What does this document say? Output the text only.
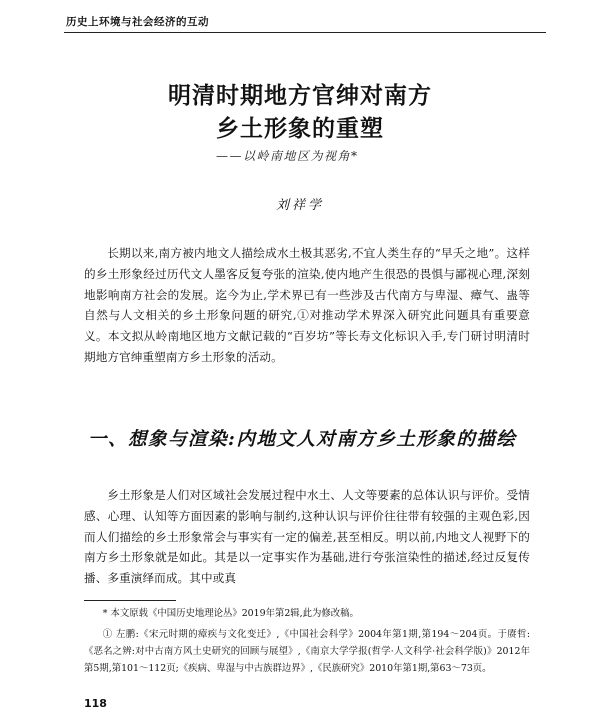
历史上环境与社会经济的互动
明清时期地方官绅对南方
乡土形象的重塑
——以岭南地区为视角*
刘祥学

长期以来,南方被内地文人描绘成水土极其恶劣,不宜人类生存的“早夭之地”。这样的乡土形象经过历代文人墨客反复夸张的渲染,使内地产生很恐的畏惧与鄙视心理,深刻地影响南方社会的发展。迄今为止,学术界已有一些涉及古代南方与卑湿、瘴气、蛊等自然与人文相关的乡土形象问题的研究,①对推动学术界深入研究此问题具有重要意义。本文拟从岭南地区地方文献记载的“百岁坊”等长寿文化标识入手,专门研讨明清时期地方官绅重塑南方乡土形象的活动。

一、想象与渲染:内地文人对南方乡土形象的描绘

乡土形象是人们对区域社会发展过程中水土、人文等要素的总体认识与评价。受情感、心理、认知等方面因素的影响与制约,这种认识与评价往往带有较强的主观色彩,因而人们描绘的乡土形象常会与事实有一定的偏差,甚至相反。明以前,内地文人视野下的南方乡土形象就是如此。其是以一定事实作为基础,进行夸张渲染性的描述,经过反复传播、多重演绎而成。其中或真

* 本文原载《中国历史地理论丛》2019年第2辑,此为修改稿。

① 左鹏:《宋元时期的瘴疾与文化变迁》,《中国社会科学》2004年第1期,第194～204页。于赓哲:《恶名之辨:对中古南方风土史研究的回顾与展望》,《南京大学学报(哲学·人文科学·社会科学版)》2012年第5期,第101～112页;《疾病、卑湿与中古族群边界》,《民族研究》2010年第1期,第63～73页。

118
